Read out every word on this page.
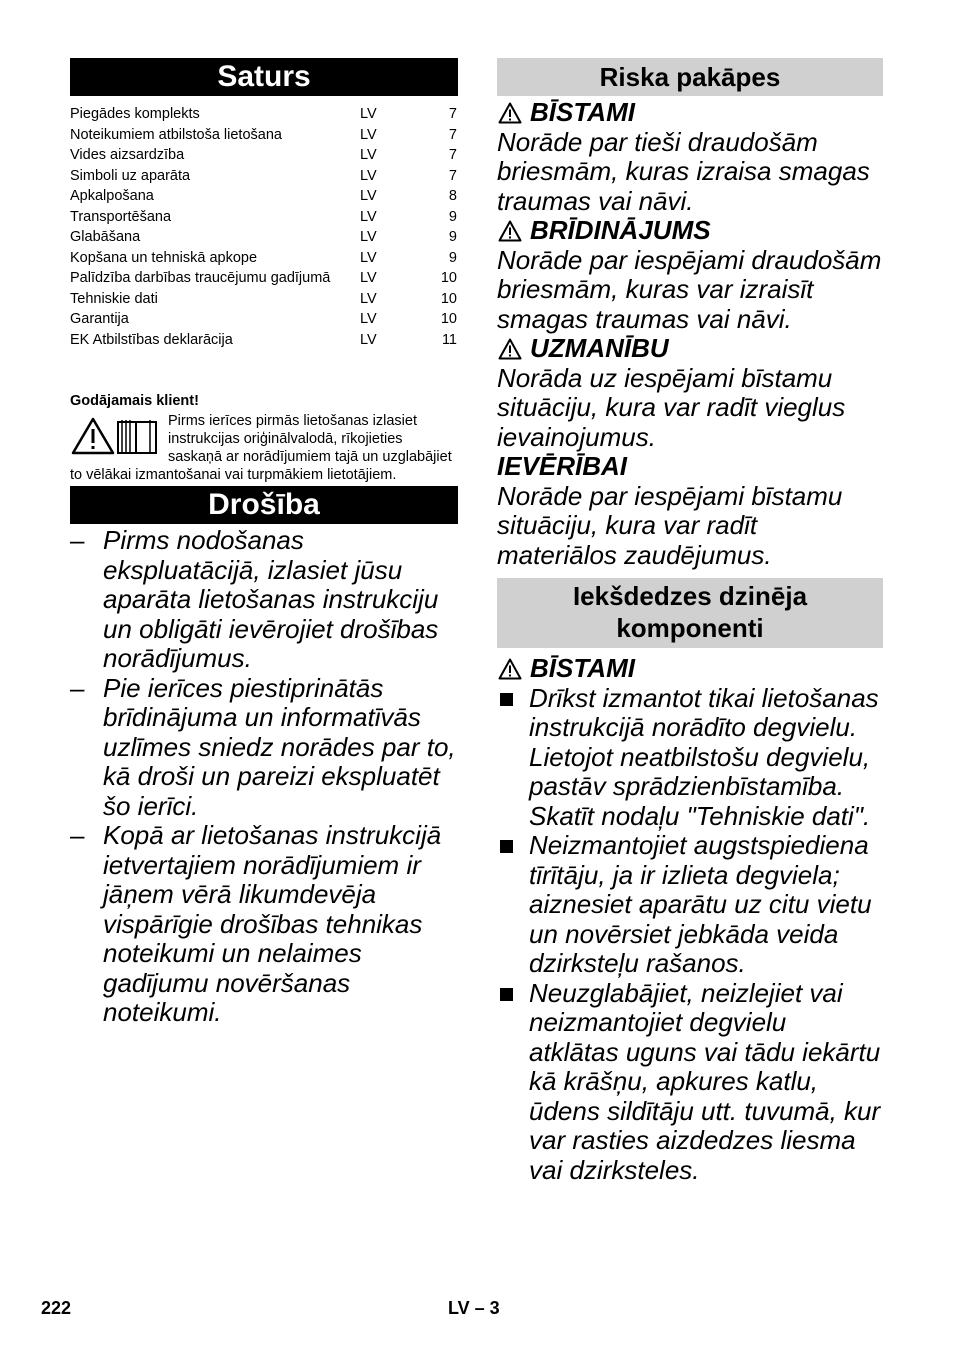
Saturs
Piegādes komplekts	LV	7
Noteikumiem atbilstoša lietošana	LV	7
Vides aizsardzība	LV	7
Simboli uz aparāta	LV	7
Apkalpošana	LV	8
Transportēšana	LV	9
Glabāšana	LV	9
Kopšana un tehniskā apkope	LV	9
Palīdzība darbības traucējumu gadījumā LV	10
Tehniskie dati	LV	10
Garantija	LV	10
EK Atbilstības deklarācija	LV	11
Godājamais klient!
Pirms ierīces pirmās lietošanas izlasiet instrukcijas oriģinālvalodā, rīkojieties saskaņā ar norādījumiem tajā un uzglabājiet to vēlākai izmantošanai vai turpmākiem lietotājiem.
Drošība
– Pirms nodošanas ekspluatācijā, izlasiet jūsu aparāta lietošanas instrukciju un obligāti ievērojiet drošības norādījumus.
– Pie ierīces piestiprinātās brīdinājuma un informatīvās uzlīmes sniedz norādes par to, kā droši un pareizi ekspluatēt šo ierīci.
– Kopā ar lietošanas instrukcijā ietvertajiem norādījumiem ir jāņem vērā likumdevēja vispārīgie drošības tehnikas noteikumi un nelaimes gadījumu novēršanas noteikumi.
Riska pakāpes
BĪSTAMI
Norāde par tieši draudošām briesmām, kuras izraisa smagas traumas vai nāvi.
BRĪDINĀJUMS
Norāde par iespējami draudošām briesmām, kuras var izraisīt smagas traumas vai nāvi.
UZMANĪBU
Norāda uz iespējami bīstamu situāciju, kura var radīt vieglus ievainojumus.
IEVĒRĪBAI
Norāde par iespējami bīstamu situāciju, kura var radīt materiālos zaudējumus.
Iekšdedzes dzinēja
komponenti
BĪSTAMI
Drīkst izmantot tikai lietošanas instrukcijā norādīto degvielu. Lietojot neatbilstošu degvielu, pastāv sprādzienbīstamība. Skatīt nodaļu "Tehniskie dati".
Neizmantojiet augstspiediena tīrītāju, ja ir izlieta degviela; aiznesiet aparātu uz citu vietu un novērsiet jebkāda veida dzirksteļu rašanos.
Neuzglabājiet, neizlejiet vai neizmantojiet degvielu atklātas uguns vai tādu iekārtu kā krāšņu, apkures katlu, ūdens sildītāju utt. tuvumā, kur var rasties aizdedzes liesma vai dzirksteles.
222	LV – 3
